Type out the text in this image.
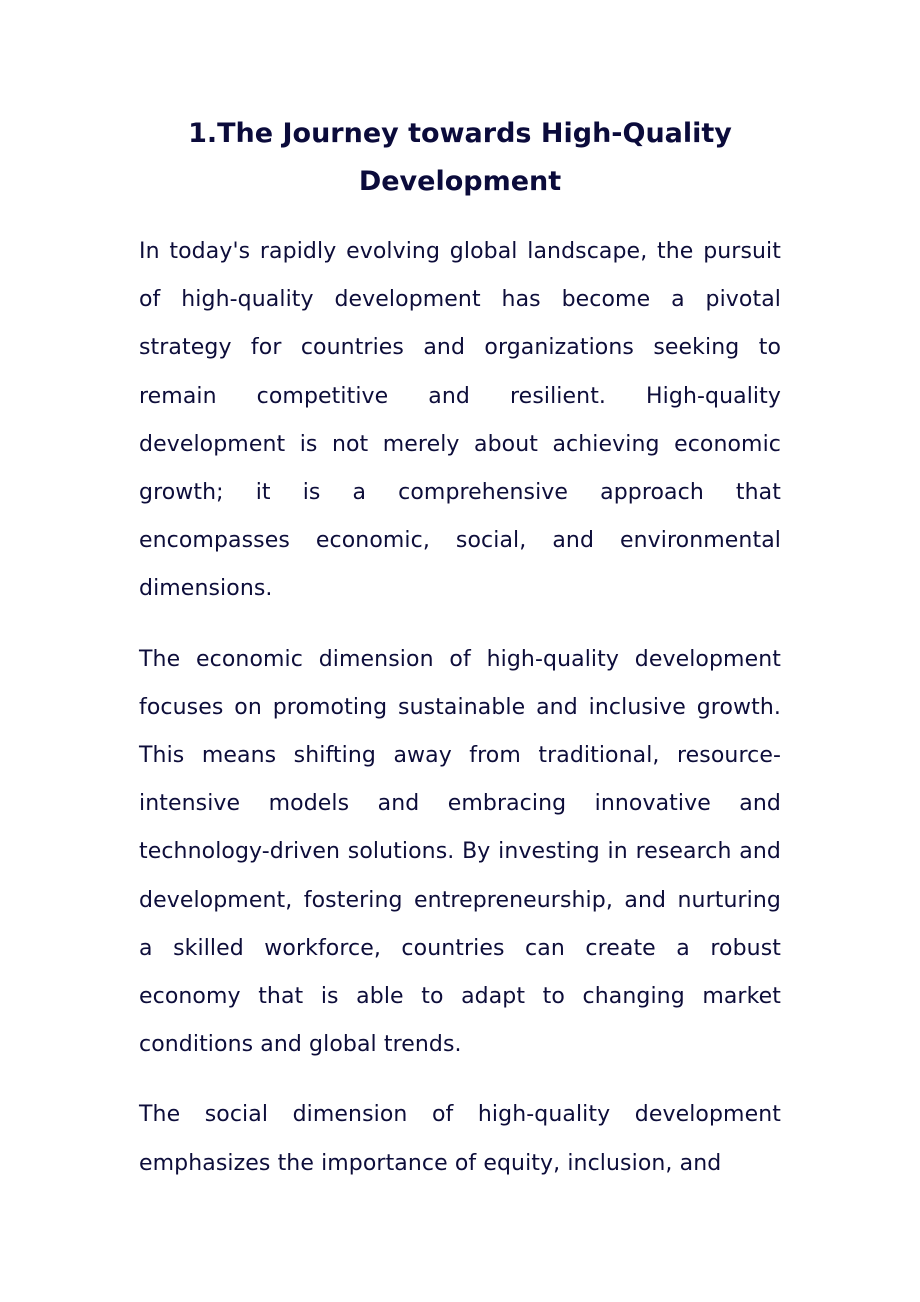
1.The Journey towards High-Quality Development

In today's rapidly evolving global landscape, the pursuit of high-quality development has become a pivotal strategy for countries and organizations seeking to remain competitive and resilient. High-quality development is not merely about achieving economic growth; it is a comprehensive approach that encompasses economic, social, and environmental dimensions.

The economic dimension of high-quality development focuses on promoting sustainable and inclusive growth. This means shifting away from traditional, resource-intensive models and embracing innovative and technology-driven solutions. By investing in research and development, fostering entrepreneurship, and nurturing a skilled workforce, countries can create a robust economy that is able to adapt to changing market conditions and global trends.

The social dimension of high-quality development emphasizes the importance of equity, inclusion, and
